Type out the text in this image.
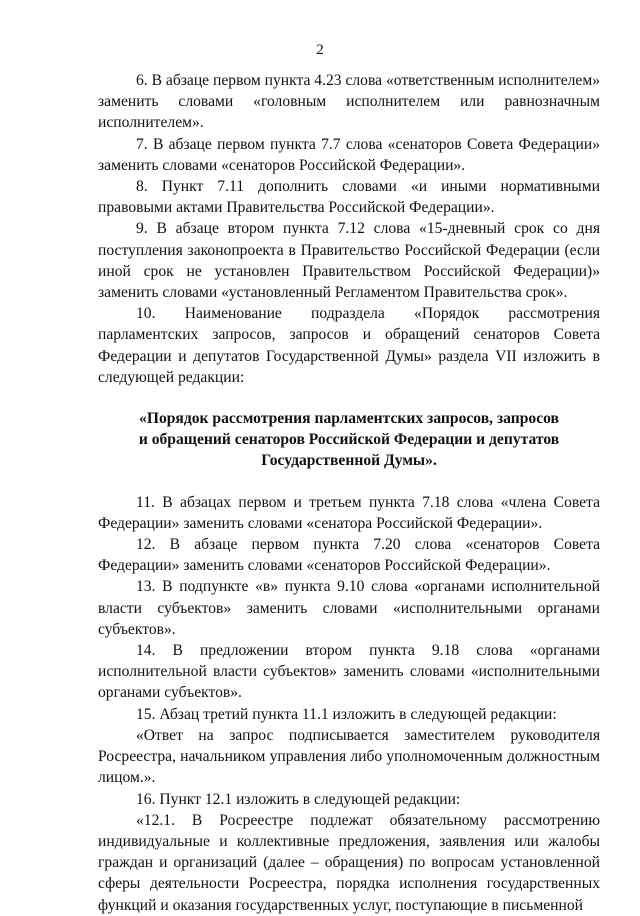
2

6. В абзаце первом пункта 4.23 слова «ответственным исполнителем» заменить словами «головным исполнителем или равнозначным исполнителем».

7. В абзаце первом пункта 7.7 слова «сенаторов Совета Федерации» заменить словами «сенаторов Российской Федерации».

8. Пункт 7.11 дополнить словами «и иными нормативными правовыми актами Правительства Российской Федерации».

9. В абзаце втором пункта 7.12 слова «15-дневный срок со дня поступления законопроекта в Правительство Российской Федерации (если иной срок не установлен Правительством Российской Федерации)» заменить словами «установленный Регламентом Правительства срок».

10. Наименование подраздела «Порядок рассмотрения парламентских запросов, запросов и обращений сенаторов Совета Федерации и депутатов Государственной Думы» раздела VII изложить в следующей редакции:

«Порядок рассмотрения парламентских запросов, запросов
и обращений сенаторов Российской Федерации и депутатов
Государственной Думы».

11. В абзацах первом и третьем пункта 7.18 слова «члена Совета Федерации» заменить словами «сенатора Российской Федерации».

12. В абзаце первом пункта 7.20 слова «сенаторов Совета Федерации» заменить словами «сенаторов Российской Федерации».

13. В подпункте «в» пункта 9.10 слова «органами исполнительной власти субъектов» заменить словами «исполнительными органами субъектов».

14. В предложении втором пункта 9.18 слова «органами исполнительной власти субъектов» заменить словами «исполнительными органами субъектов».

15. Абзац третий пункта 11.1 изложить в следующей редакции:

«Ответ на запрос подписывается заместителем руководителя Росреестра, начальником управления либо уполномоченным должностным лицом.».

16. Пункт 12.1 изложить в следующей редакции:

«12.1. В Росреестре подлежат обязательному рассмотрению индивидуальные и коллективные предложения, заявления или жалобы граждан и организаций (далее – обращения) по вопросам установленной сферы деятельности Росреестра, порядка исполнения государственных функций и оказания государственных услуг, поступающие в письменной
